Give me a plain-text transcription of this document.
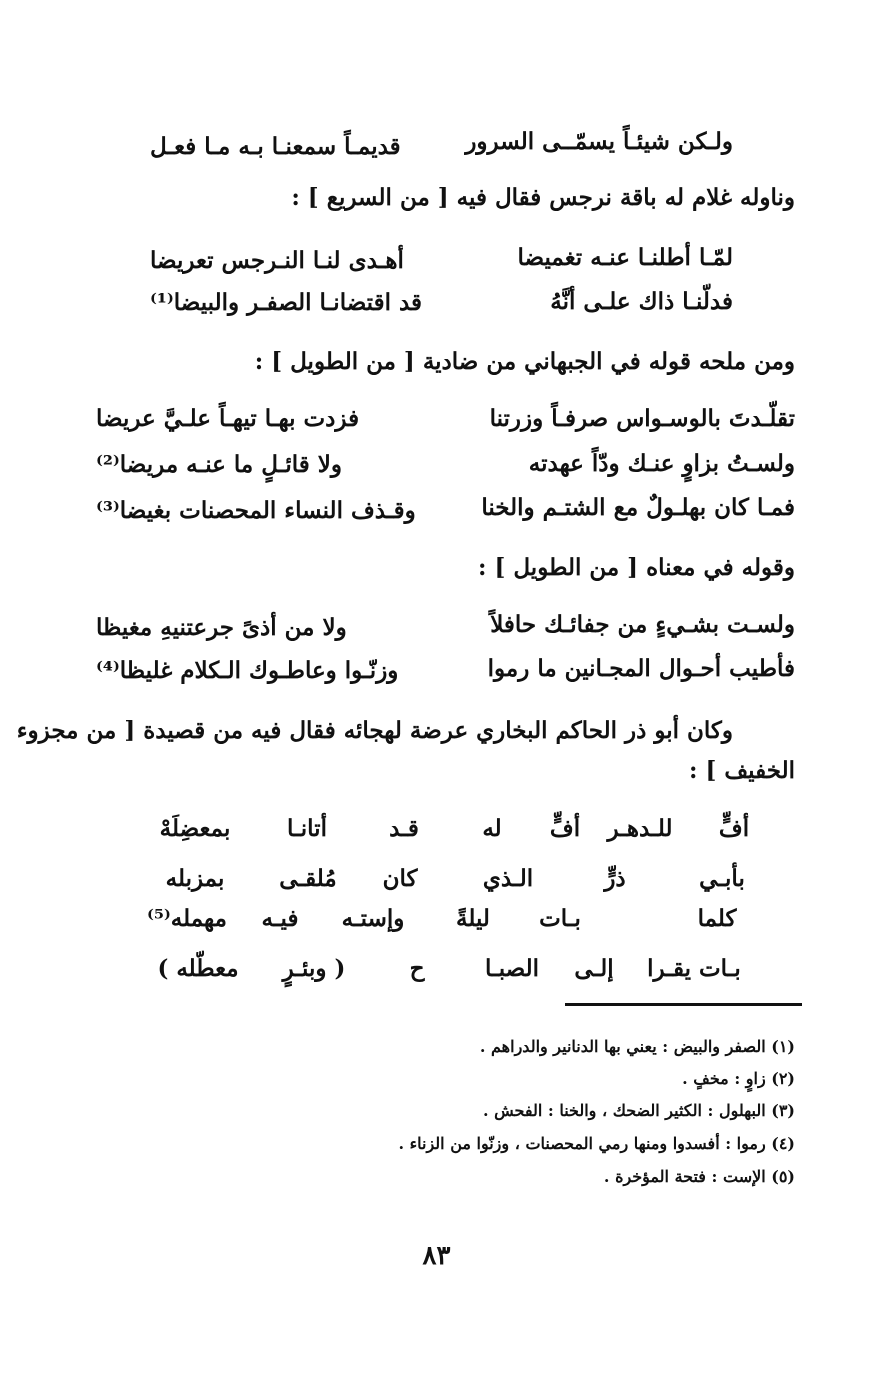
ولـكن شيئـاً يسمّــى السرور
قديمـاً سمعنـا بـه مـا فعـل
وناوله غلام له باقة نرجس فقال فيه [ من السريع ] :
لمّـا أطلنـا عنـه تغميضا
أهـدى لنـا النـرجس تعريضا
فدلّنـا ذاك علـى أنَّهُ
قد اقتضانـا الصفـر والبيضا⁽¹⁾
ومن ملحه قوله في الجبهاني من ضادية [ من الطويل ] :
تقلّـدتَ بالوسـواس صرفـاً وزرتنا
فزدت بهـا تيهـاً علـيَّ عريضا
ولسـتُ بزاوٍ عنـك ودّاً عهدته
ولا قائـلٍ ما عنـه مريضا⁽²⁾
فمـا كان بهلـولٌ مع الشتـم والخنا
وقـذف النساء المحصنات بغيضا⁽³⁾
وقوله في معناه [ من الطويل ] :
ولسـت بشـيءٍ من جفائـك حافلاً
ولا من أذىً جرعتنيهِ مغيظا
فأطيب أحـوال المجـانين ما رموا
وزنّـوا وعاطـوك الـكلام غليظا⁽⁴⁾
وكان أبو ذر الحاكم البخاري عرضة لهجائه فقال فيه من قصيدة [ من مجزوء
الخفيف ] :
أفٍّ
للـدهـر
أفٍّ
له
قـد
أتانـا
بمعضِلَهْ
بأبـي
ذرٍّ
الـذي
كان
مُلقـى
بمزبله
كلما
بـات
ليلةً
وإستـه
فيـه
مهمله⁽⁵⁾
بـات يقـرا
إلـى
الصبـا
ح
( وبئـرٍ
معطّله )
(١) الصفر والبيض : يعني بها الدنانير والدراهم .
(٢) زاوٍ : مخفٍ .
(٣) البهلول : الكثير الضحك ، والخنا : الفحش .
(٤) رموا : أفسدوا ومنها رمي المحصنات ، وزنّوا من الزناء .
(٥) الإست : فتحة المؤخرة .
٨٣
